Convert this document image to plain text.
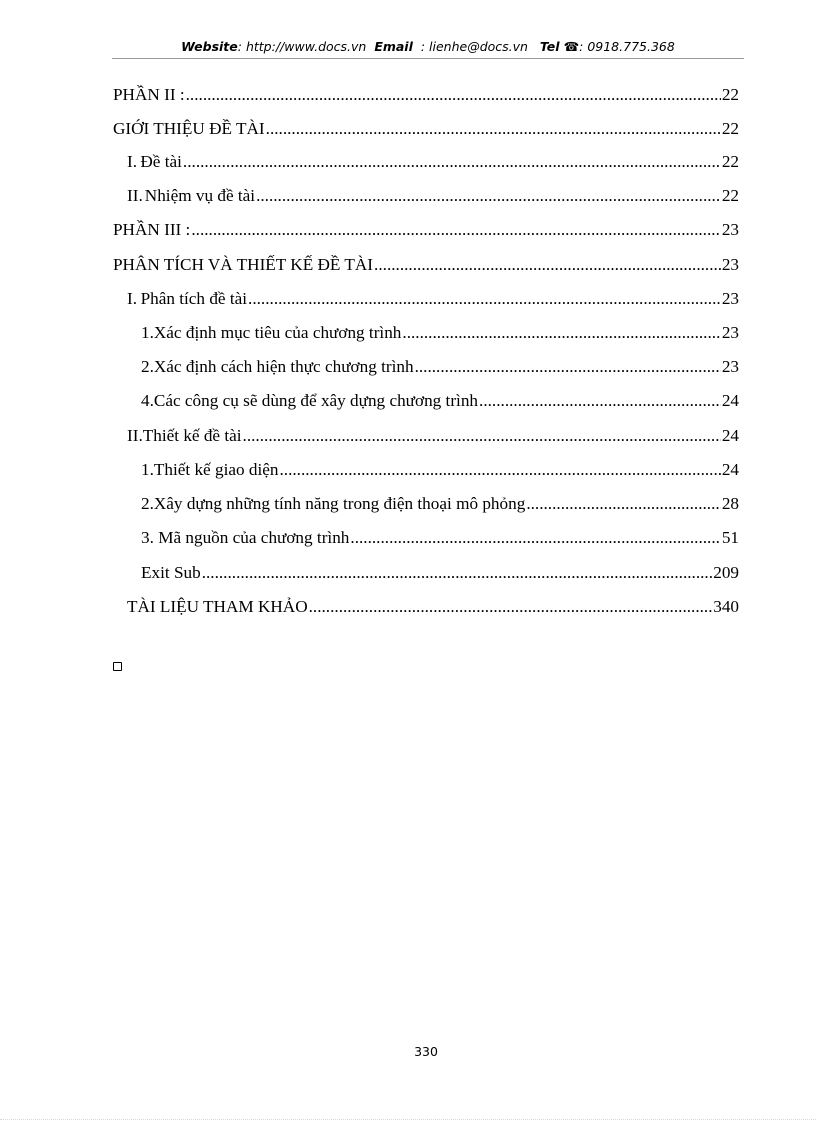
Website: http://www.docs.vn Email : lienhe@docs.vn Tel ☎: 0918.775.368
PHẦN II : .....	22
GIỚI THIỆU ĐỀ TÀI .....	22
I. Đề tài .....	22
II. Nhiệm vụ đề tài .....	22
PHẦN III : .....	23
PHÂN TÍCH VÀ THIẾT KẾ ĐỀ TÀI .....	23
I. Phân tích đề tài .....	23
1. Xác định mục tiêu của chương trình .....	23
2. Xác định cách hiện thực chương trình .....	23
4. Các công cụ sẽ dùng để xây dựng chương trình .....	24
II.Thiết kế đề tài .....	24
1. Thiết kế giao diện .....	24
2. Xây dựng những tính năng trong điện thoại mô phỏng .....	28
3. Mã nguồn của chương trình .....	51
Exit Sub .....	209
TÀI LIỆU THAM KHẢO .....	340
330
